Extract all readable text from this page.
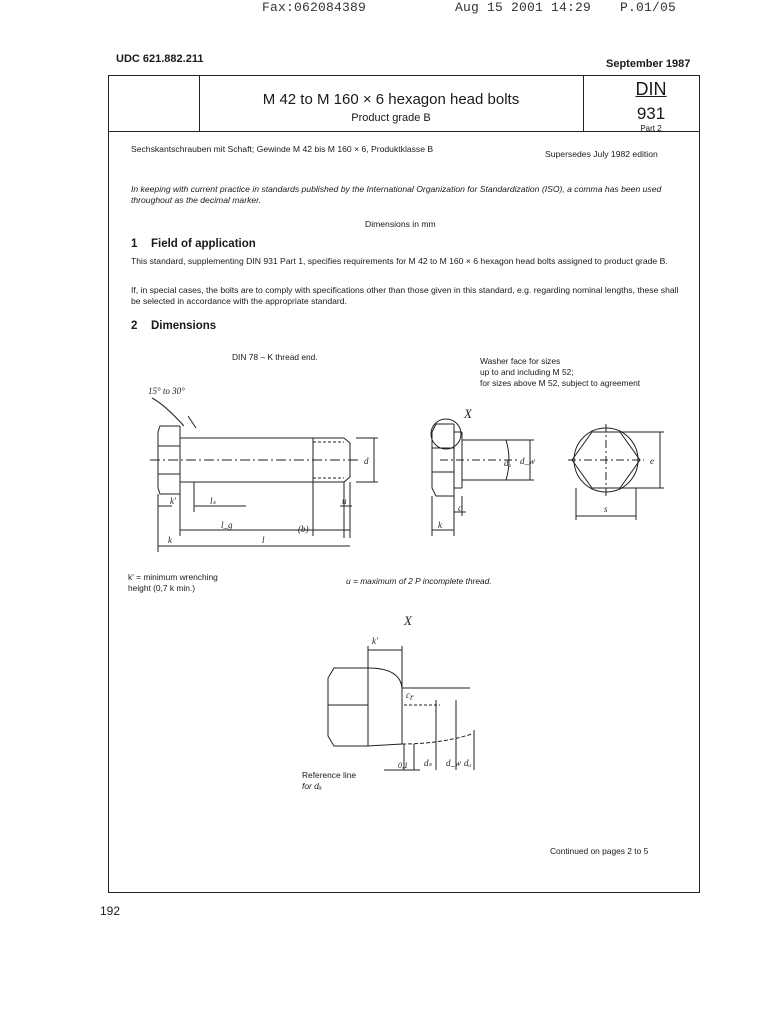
Fax:062084389	Aug 15 2001 14:29 P.01/05
UDC 621.882.211	September 1987
M 42 to M 160 × 6 hexagon head bolts
Product grade B
DIN
931
Part 2
Sechskantschrauben mit Schaft; Gewinde M 42 bis M 160 × 6, Produktklasse B	Supersedes July 1982 edition
In keeping with current practice in standards published by the International Organization for Standardization (ISO), a comma has been used throughout as the decimal marker.
Dimensions in mm
1 Field of application
This standard, supplementing DIN 931 Part 1, specifies requirements for M 42 to M 160 × 6 hexagon head bolts assigned to product grade B.
If, in special cases, the bolts are to comply with specifications other than those given in this standard, e.g. regarding nominal lengths, these shall be selected in accordance with the appropriate standard.
2 Dimensions
DIN 78 – K thread end.	Washer face for sizes
up to and including M 52;
for sizes above M 52, subject to agreement
15° to 30°
lₛ
l_g	(b)
l
k
k'
d
u
X
c
k
d_w
dₐ	e
s
X
k'
c
0,1 dₛ d_w dₐ
r
k' = minimum wrenching
height (0,7 k min.)
u = maximum of 2 P incomplete thread.
Reference line
for dₐ
Continued on pages 2 to 5
192
